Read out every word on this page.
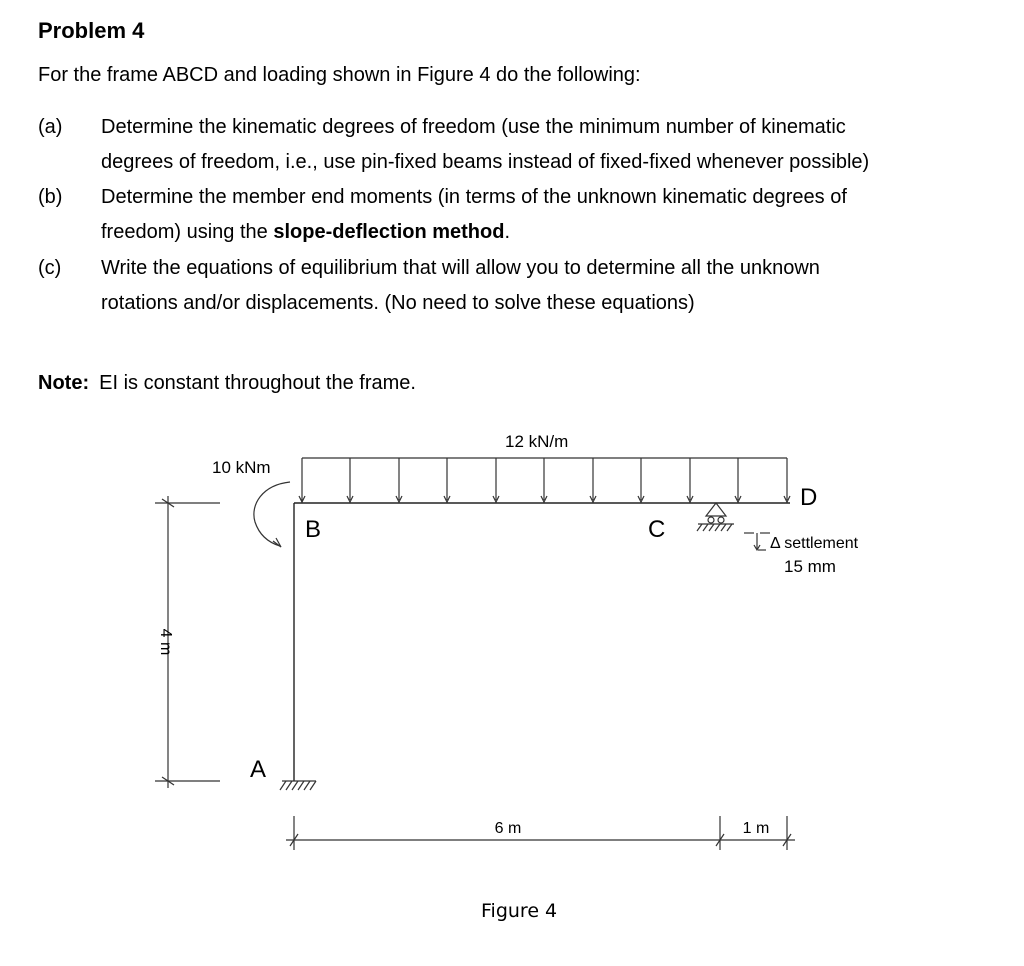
Problem 4
For the frame ABCD and loading shown in Figure 4 do the following:
(a) Determine the kinematic degrees of freedom (use the minimum number of kinematic
degrees of freedom, i.e., use pin-fixed beams instead of fixed-fixed whenever possible)
(b) Determine the member end moments (in terms of the unknown kinematic degrees of
freedom) using the slope-deflection method.
(c) Write the equations of equilibrium that will allow you to determine all the unknown
rotations and/or displacements. (No need to solve these equations)
Note: EI is constant throughout the frame.
12 kN/m
10 kNm
B	C
D
A
Δ settlement
15 mm
4 m
6 m	1 m
Figure 4
